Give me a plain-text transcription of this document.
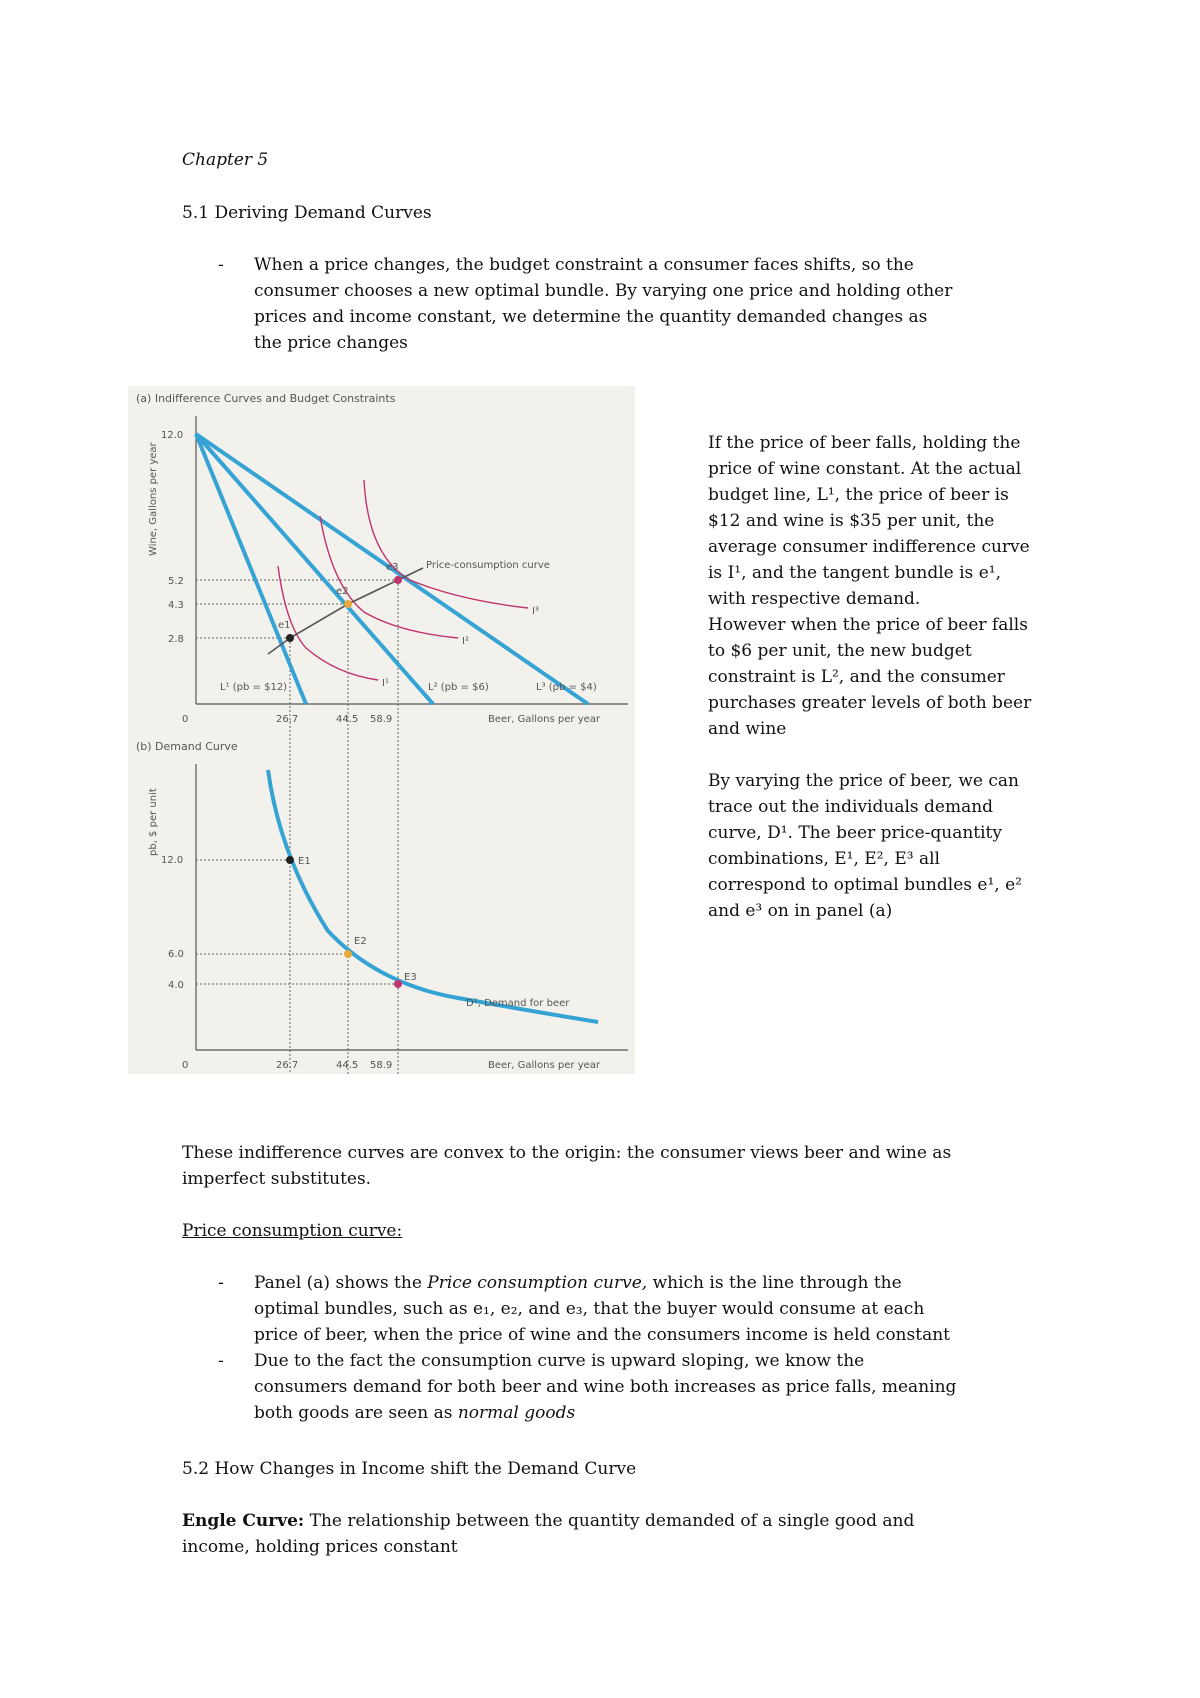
Chapter 5
5.1 Deriving Demand Curves
- When a price changes, the budget constraint a consumer faces shifts, so the
consumer chooses a new optimal bundle. By varying one price and holding other
prices and income constant, we determine the quantity demanded changes as
the price changes
(a) Indifference Curves and Budget Constraints
Wine, Gallons per year
12.0
5.2
4.3
2.8
0	26.7	44.5 58.9	Beer, Gallons per year
Price-consumption curve
e1
e2
e3
I¹
I²
I³
L¹ (pb = $12)	L² (pb = $6)	L³ (pb = $4)
(b) Demand Curve
pb, $ per unit
12.0
6.0
4.0
0	26.7	44.5 58.9	Beer, Gallons per year
E1
E2
E3
D¹, Demand for beer
If the price of beer falls, holding the
price of wine constant. At the actual
budget line, L¹, the price of beer is
$12 and wine is $35 per unit, the
average consumer indifference curve
is I¹, and the tangent bundle is e¹,
with respective demand.
However when the price of beer falls
to $6 per unit, the new budget
constraint is L², and the consumer
purchases greater levels of both beer
and wine
By varying the price of beer, we can
trace out the individuals demand
curve, D¹. The beer price-quantity
combinations, E¹, E², E³ all
correspond to optimal bundles e¹, e²
and e³ on in panel (a)
These indifference curves are convex to the origin: the consumer views beer and wine as
imperfect substitutes.
Price consumption curve:
- Panel (a) shows the Price consumption curve, which is the line through the
optimal bundles, such as e₁, e₂, and e₃, that the buyer would consume at each
price of beer, when the price of wine and the consumers income is held constant
- Due to the fact the consumption curve is upward sloping, we know the
consumers demand for both beer and wine both increases as price falls, meaning
both goods are seen as normal goods
5.2 How Changes in Income shift the Demand Curve
Engle Curve: The relationship between the quantity demanded of a single good and
income, holding prices constant
